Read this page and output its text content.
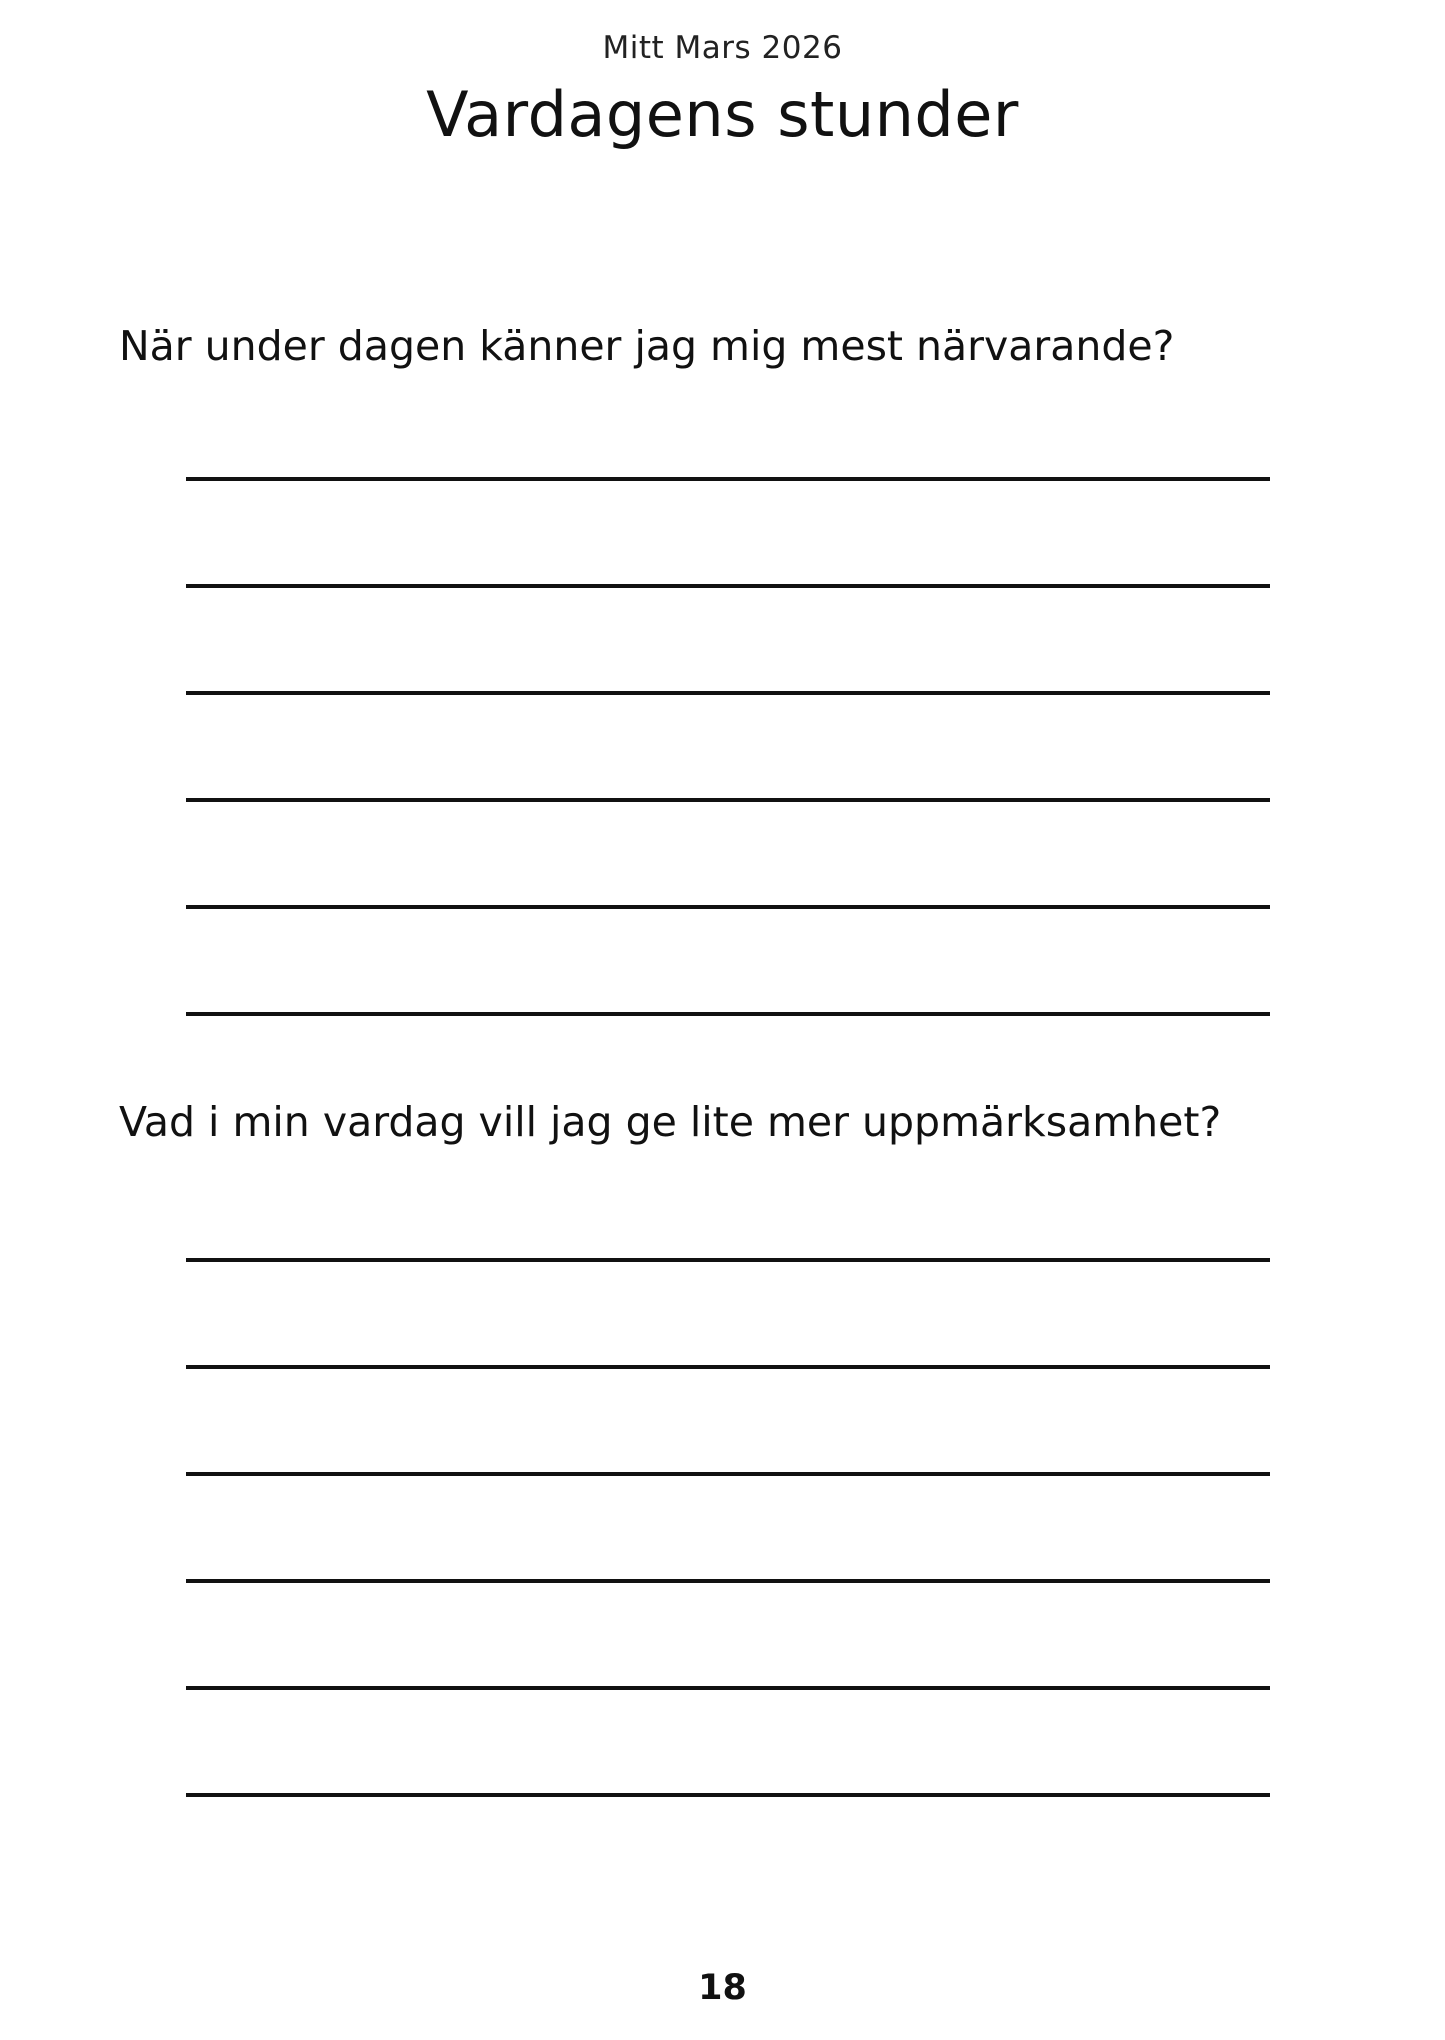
Mitt Mars 2026
Vardagens stunder
När under dagen känner jag mig mest närvarande?
Vad i min vardag vill jag ge lite mer uppmärksamhet?
18
